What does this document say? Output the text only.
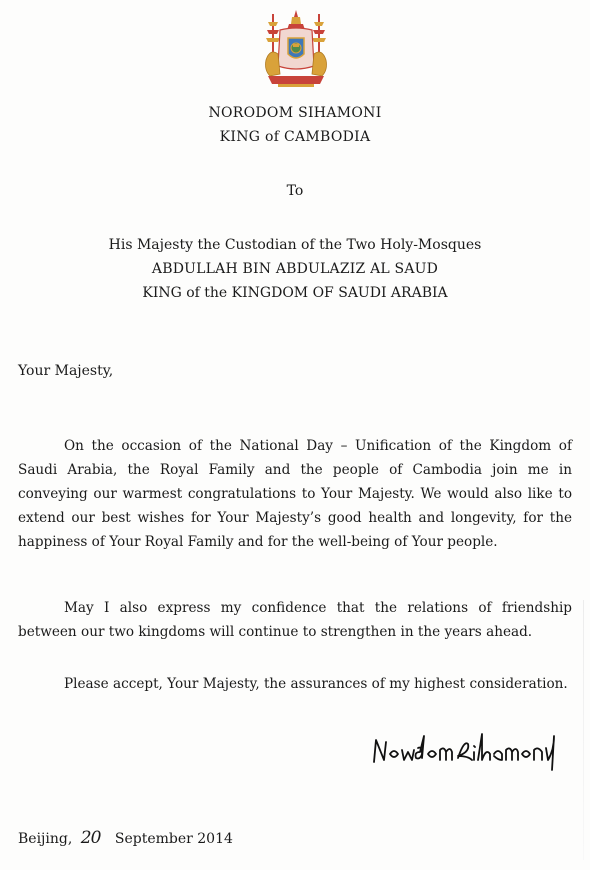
NORODOM SIHAMONI
KING of CAMBODIA
To
His Majesty the Custodian of the Two Holy-Mosques
ABDULLAH BIN ABDULAZIZ AL SAUD
KING of the KINGDOM OF SAUDI ARABIA
Your Majesty,

On the occasion of the National Day – Unification of the Kingdom of Saudi Arabia, the Royal Family and the people of Cambodia join me in conveying our warmest congratulations to Your Majesty. We would also like to extend our best wishes for Your Majesty’s good health and longevity, for the happiness of Your Royal Family and for the well-being of Your people.

May I also express my confidence that the relations of friendship between our two kingdoms will continue to strengthen in the years ahead.

Please accept, Your Majesty, the assurances of my highest consideration.

Beijing, 20 September 2014
